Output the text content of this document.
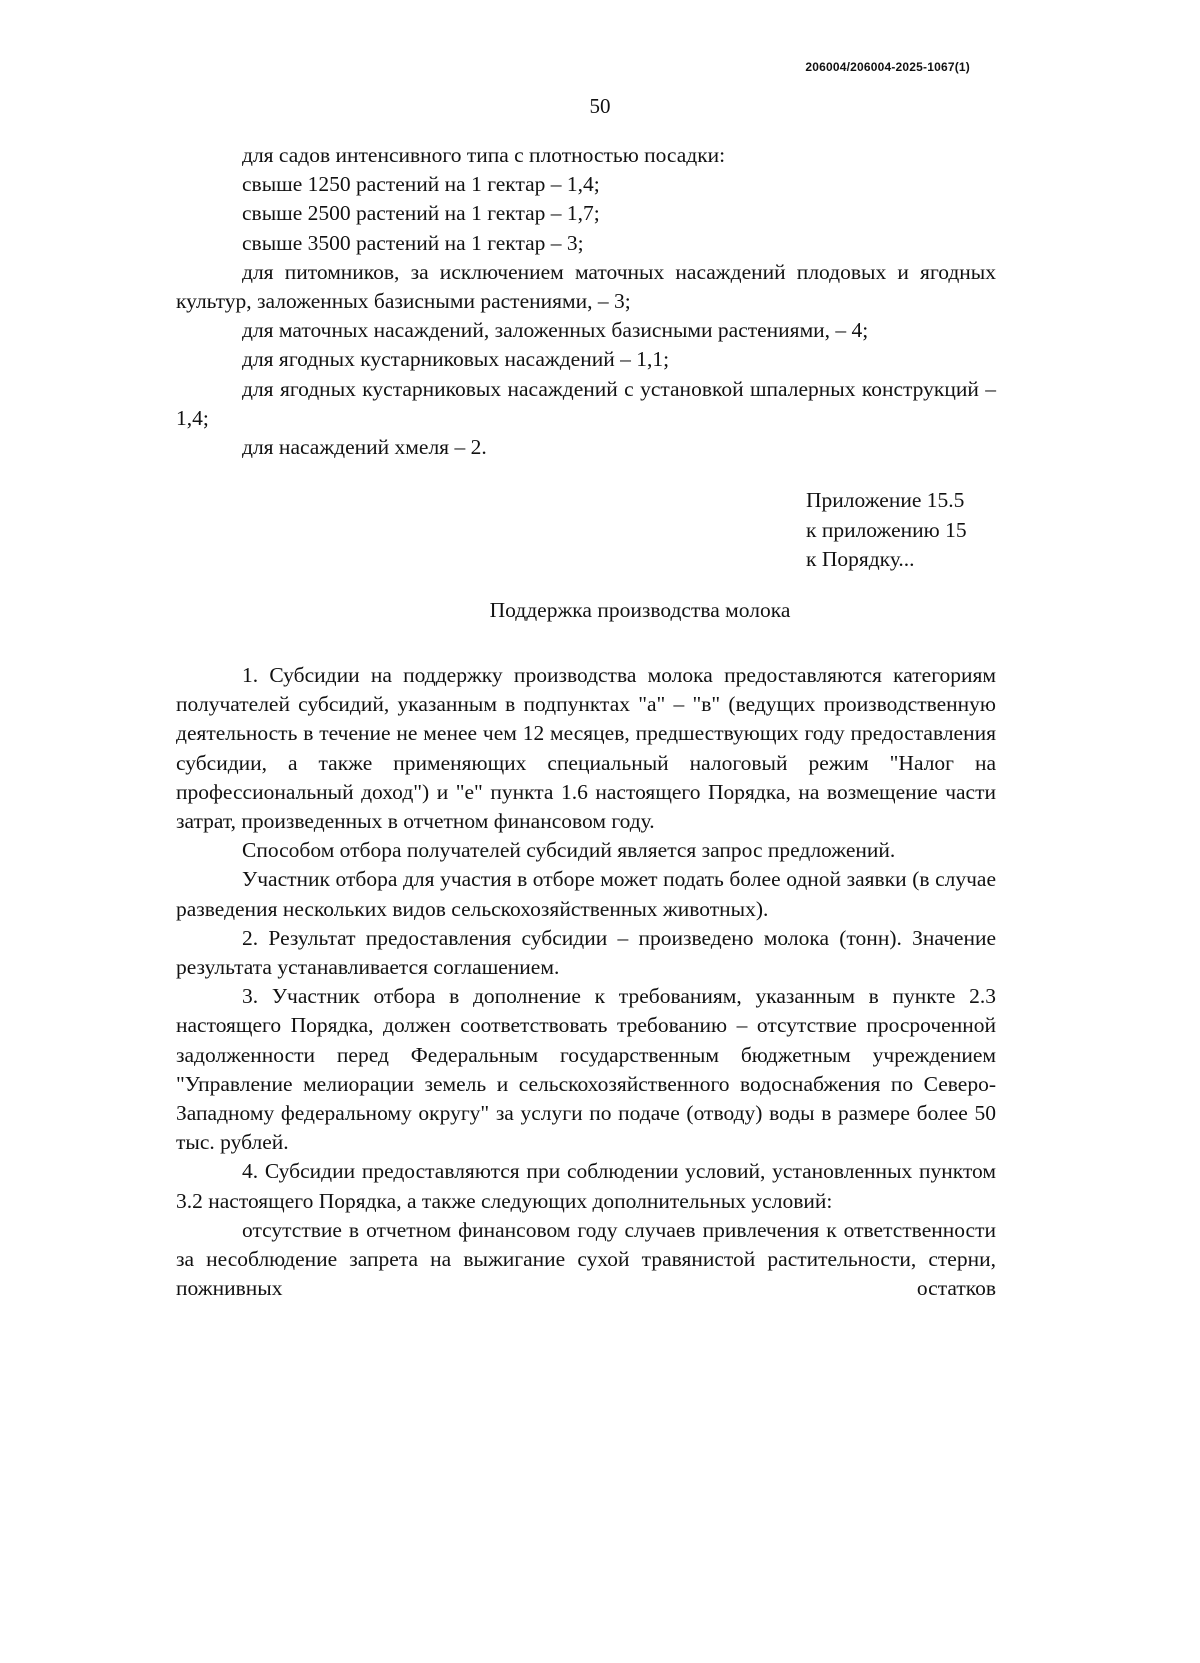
206004/206004-2025-1067(1)
50

для садов интенсивного типа с плотностью посадки:

свыше 1250 растений на 1 гектар – 1,4;

свыше 2500 растений на 1 гектар – 1,7;

свыше 3500 растений на 1 гектар – 3;

для питомников, за исключением маточных насаждений плодовых и ягодных культур, заложенных базисными растениями, – 3;

для маточных насаждений, заложенных базисными растениями, – 4;

для ягодных кустарниковых насаждений – 1,1;

для ягодных кустарниковых насаждений с установкой шпалерных конструкций – 1,4;

для насаждений хмеля – 2.

Приложение 15.5
к приложению 15
к Порядку...
Поддержка производства молока

1. Субсидии на поддержку производства молока предоставляются категориям получателей субсидий, указанным в подпунктах "а" – "в" (ведущих производственную деятельность в течение не менее чем 12 месяцев, предшествующих году предоставления субсидии, а также применяющих специальный налоговый режим "Налог на профессиональный доход") и "е" пункта 1.6 настоящего Порядка, на возмещение части затрат, произведенных в отчетном финансовом году.

Способом отбора получателей субсидий является запрос предложений.

Участник отбора для участия в отборе может подать более одной заявки (в случае разведения нескольких видов сельскохозяйственных животных).

2. Результат предоставления субсидии – произведено молока (тонн). Значение результата устанавливается соглашением.

3. Участник отбора в дополнение к требованиям, указанным в пункте 2.3 настоящего Порядка, должен соответствовать требованию – отсутствие просроченной задолженности перед Федеральным государственным бюджетным учреждением "Управление мелиорации земель и сельскохозяйственного водоснабжения по Северо-Западному федеральному округу" за услуги по подаче (отводу) воды в размере более 50 тыс. рублей.

4. Субсидии предоставляются при соблюдении условий, установленных пунктом 3.2 настоящего Порядка, а также следующих дополнительных условий:

отсутствие в отчетном финансовом году случаев привлечения к ответственности за несоблюдение запрета на выжигание сухой травянистой растительности, стерни, пожнивных остатков
